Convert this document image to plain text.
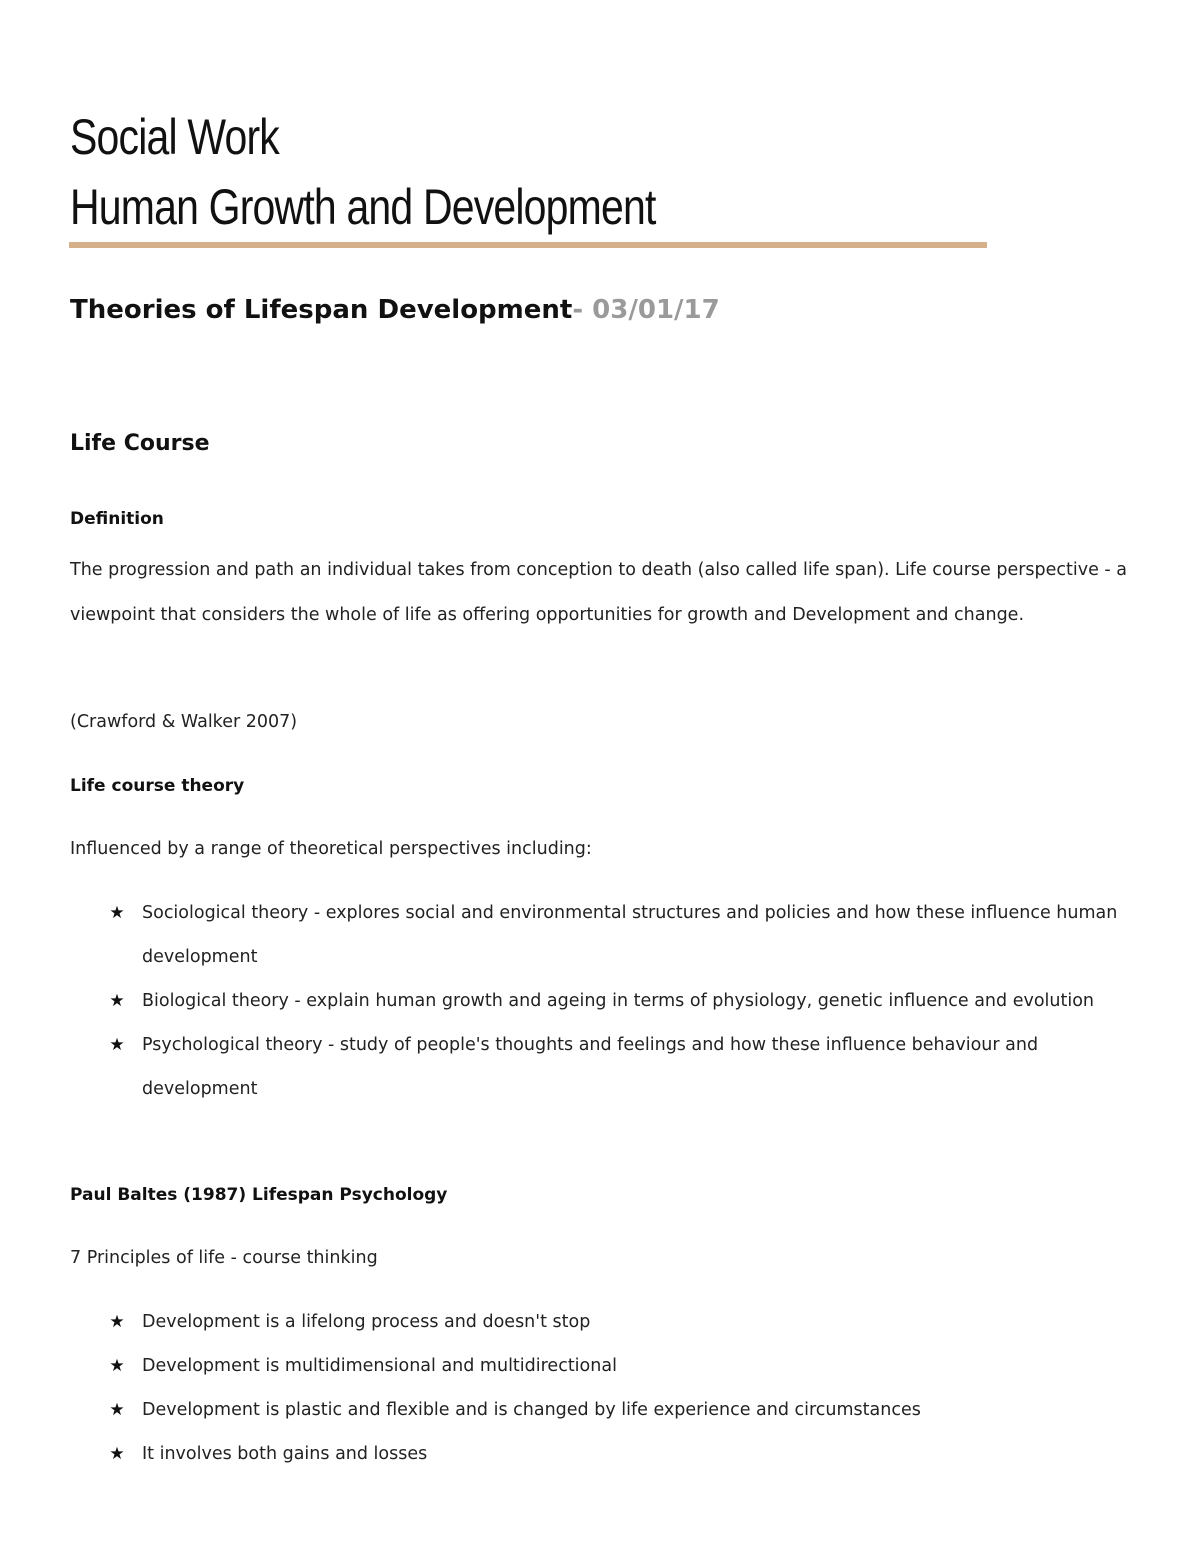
Social Work
Human Growth and Development
Theories of Lifespan Development- 03/01/17
Life Course
Definition

The progression and path an individual takes from conception to death (also called life span). Life course perspective - a viewpoint that considers the whole of life as offering opportunities for growth and Development and change.

(Crawford & Walker 2007)

Life course theory

Influenced by a range of theoretical perspectives including:

★ Sociological theory - explores social and environmental structures and policies and how these influence human development
★ Biological theory - explain human growth and ageing in terms of physiology, genetic influence and evolution
★ Psychological theory - study of people's thoughts and feelings and how these influence behaviour and development
Paul Baltes (1987) Lifespan Psychology

7 Principles of life - course thinking

★ Development is a lifelong process and doesn't stop
★ Development is multidimensional and multidirectional
★ Development is plastic and flexible and is changed by life experience and circumstances
★ It involves both gains and losses
